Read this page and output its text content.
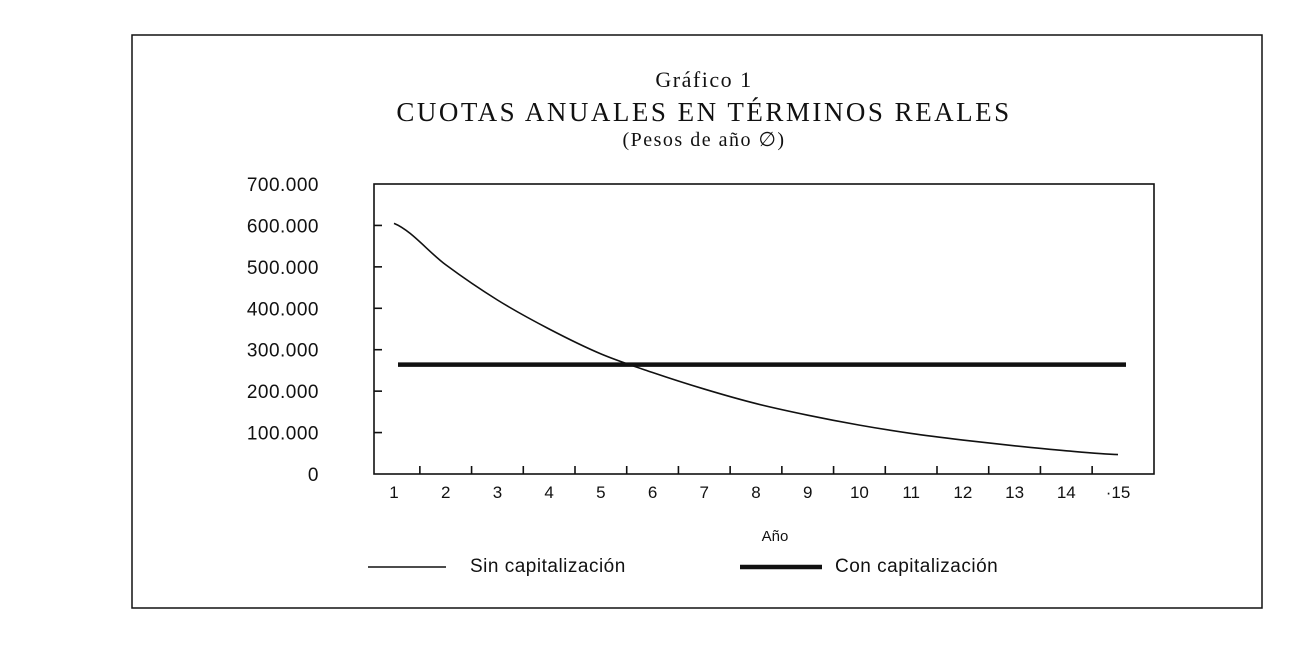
Gráfico 1
CUOTAS ANUALES EN TÉRMINOS REALES
(Pesos de año ∅)
0
100.000
200.000
300.000
400.000
500.000
600.000
700.000
1 2 3 4 5 6 7 8 9 10 11 12 13 14 ·15
Año
Sin capitalización	Con capitalización
